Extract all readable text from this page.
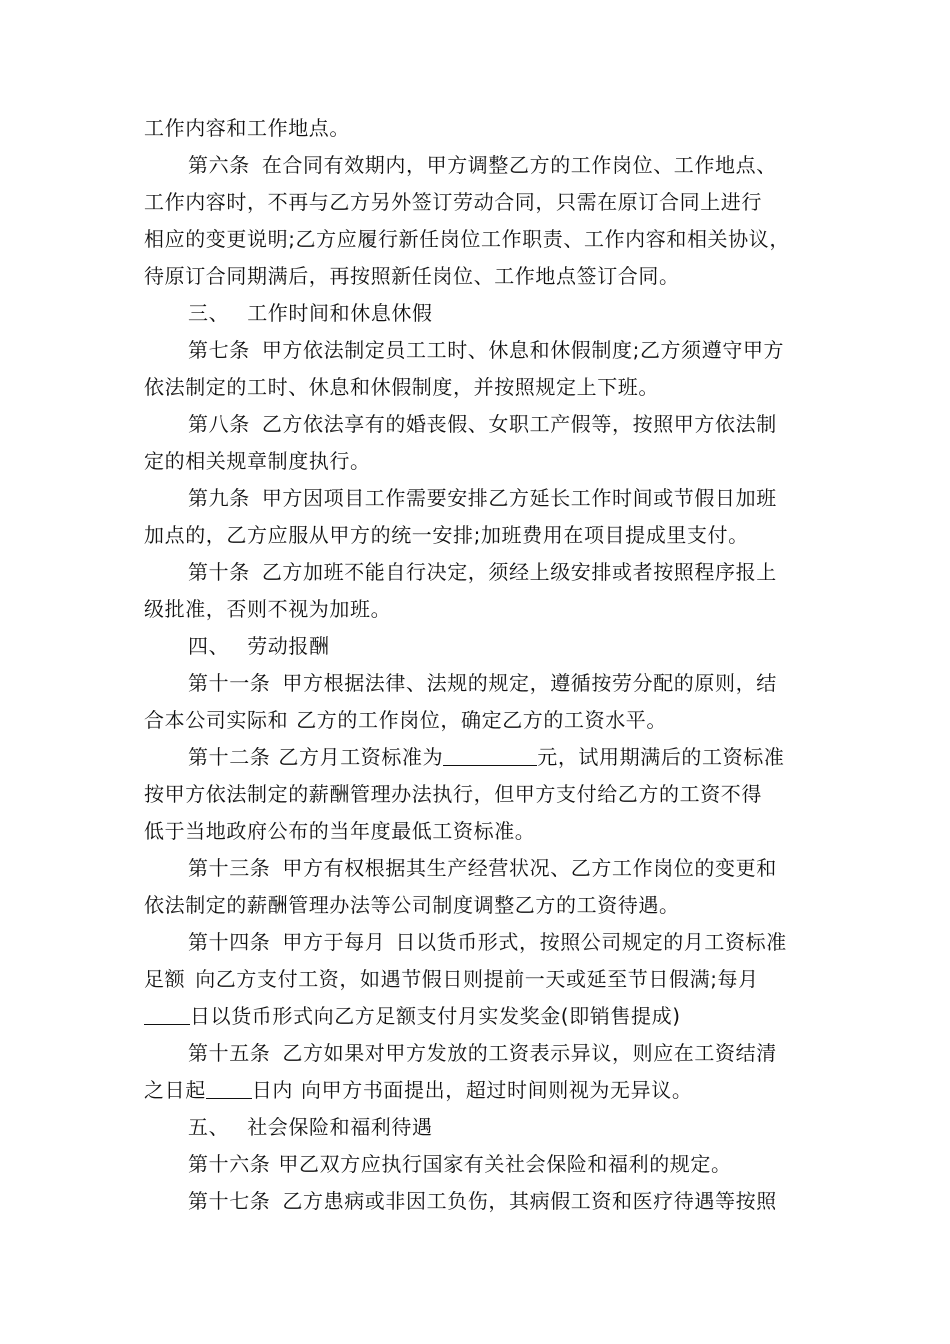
工作内容和工作地点。

第六条 在合同有效期内，甲方调整乙方的工作岗位、工作地点、

工作内容时，不再与乙方另外签订劳动合同，只需在原订合同上进行

相应的变更说明;乙方应履行新任岗位工作职责、工作内容和相关协议，

待原订合同期满后，再按照新任岗位、工作地点签订合同。

三、 工作时间和休息休假

第七条 甲方依法制定员工工时、休息和休假制度;乙方须遵守甲方

依法制定的工时、休息和休假制度，并按照规定上下班。

第八条 乙方依法享有的婚丧假、女职工产假等，按照甲方依法制

定的相关规章制度执行。

第九条 甲方因项目工作需要安排乙方延长工作时间或节假日加班

加点的，乙方应服从甲方的统一安排;加班费用在项目提成里支付。

第十条 乙方加班不能自行决定，须经上级安排或者按照程序报上

级批准，否则不视为加班。

四、 劳动报酬

第十一条 甲方根据法律、法规的规定，遵循按劳分配的原则，结

合本公司实际和 乙方的工作岗位，确定乙方的工资水平。

第十二条 乙方月工资标准为	元，试用期满后的工资标准

按甲方依法制定的薪酬管理办法执行，但甲方支付给乙方的工资不得

低于当地政府公布的当年度最低工资标准。

第十三条 甲方有权根据其生产经营状况、乙方工作岗位的变更和

依法制定的薪酬管理办法等公司制度调整乙方的工资待遇。

第十四条 甲方于每月 日以货币形式，按照公司规定的月工资标准

足额 向乙方支付工资，如遇节假日则提前一天或延至节日假满;每月

日以货币形式向乙方足额支付月实发奖金(即销售提成)

第十五条 乙方如果对甲方发放的工资表示异议，则应在工资结清

之日起 日内 向甲方书面提出，超过时间则视为无异议。

五、 社会保险和福利待遇

第十六条 甲乙双方应执行国家有关社会保险和福利的规定。

第十七条 乙方患病或非因工负伤，其病假工资和医疗待遇等按照
